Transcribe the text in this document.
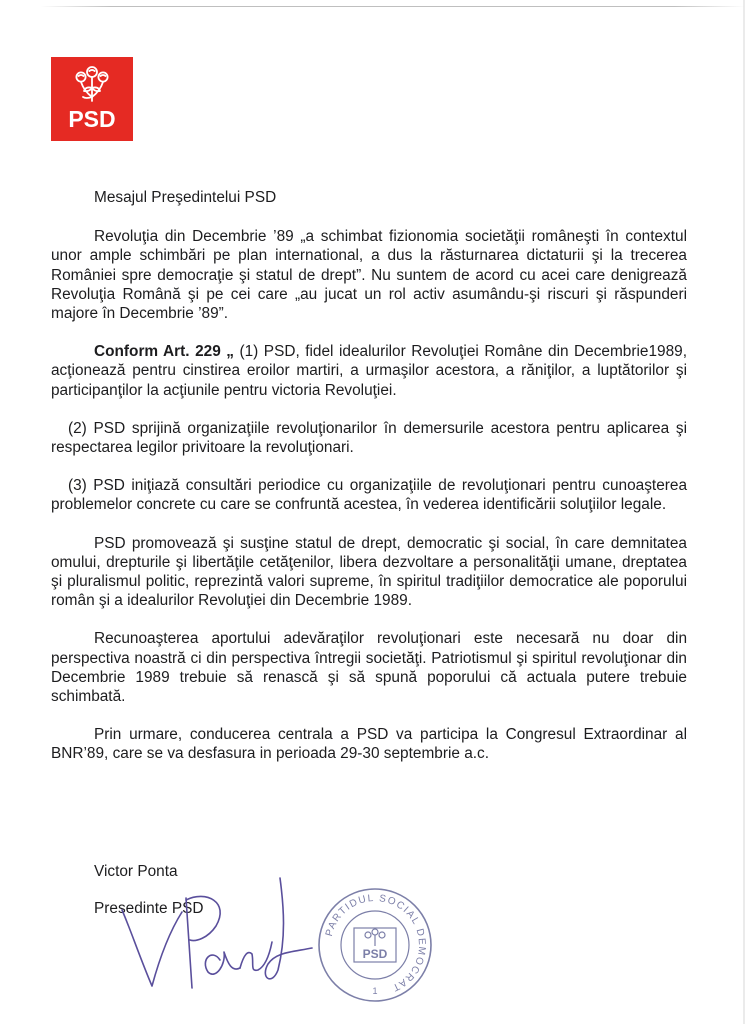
PSD

Mesajul Preşedintelui PSD

Revoluţia din Decembrie ’89 „a schimbat fizionomia societăţii româneşti în contextul unor ample schimbări pe plan international, a dus la răsturnarea dictaturii şi la trecerea României spre democraţie şi statul de drept”. Nu suntem de acord cu acei care denigrează Revoluţia Română şi pe cei care „au jucat un rol activ asumându-şi riscuri şi răspunderi majore în Decembrie ’89”.

Conform Art. 229 „ (1) PSD, fidel idealurilor Revoluţiei Române din Decembrie1989, acţionează pentru cinstirea eroilor martiri, a urmaşilor acestora, a răniţilor, a luptătorilor şi participanţilor la acţiunile pentru victoria Revoluţiei.

(2) PSD sprijină organizaţiile revoluţionarilor în demersurile acestora pentru aplicarea şi respectarea legilor privitoare la revoluţionari.

(3) PSD iniţiază consultări periodice cu organizaţiile de revoluţionari pentru cunoaşterea problemelor concrete cu care se confruntă acestea, în vederea identificării soluţiilor legale.

PSD promovează şi susţine statul de drept, democratic şi social, în care demnitatea omului, drepturile şi libertăţile cetăţenilor, libera dezvoltare a personalităţii umane, dreptatea şi pluralismul politic, reprezintă valori supreme, în spiritul tradiţiilor democratice ale poporului român şi a idealurilor Revoluţiei din Decembrie 1989.

Recunoaşterea aportului adevăraţilor revoluţionari este necesară nu doar din perspectiva noastră ci din perspectiva întregii societăţi. Patriotismul şi spiritul revoluţionar din Decembrie 1989 trebuie să renască şi să spună poporului că actuala putere trebuie schimbată.

Prin urmare, conducerea centrala a PSD va participa la Congresul Extraordinar al BNR’89, care se va desfasura in perioada 29-30 septembrie a.c.

Victor Ponta
Presedinte PSD
PARTIDUL SOCIAL DEMOCRAT
PSD
1
